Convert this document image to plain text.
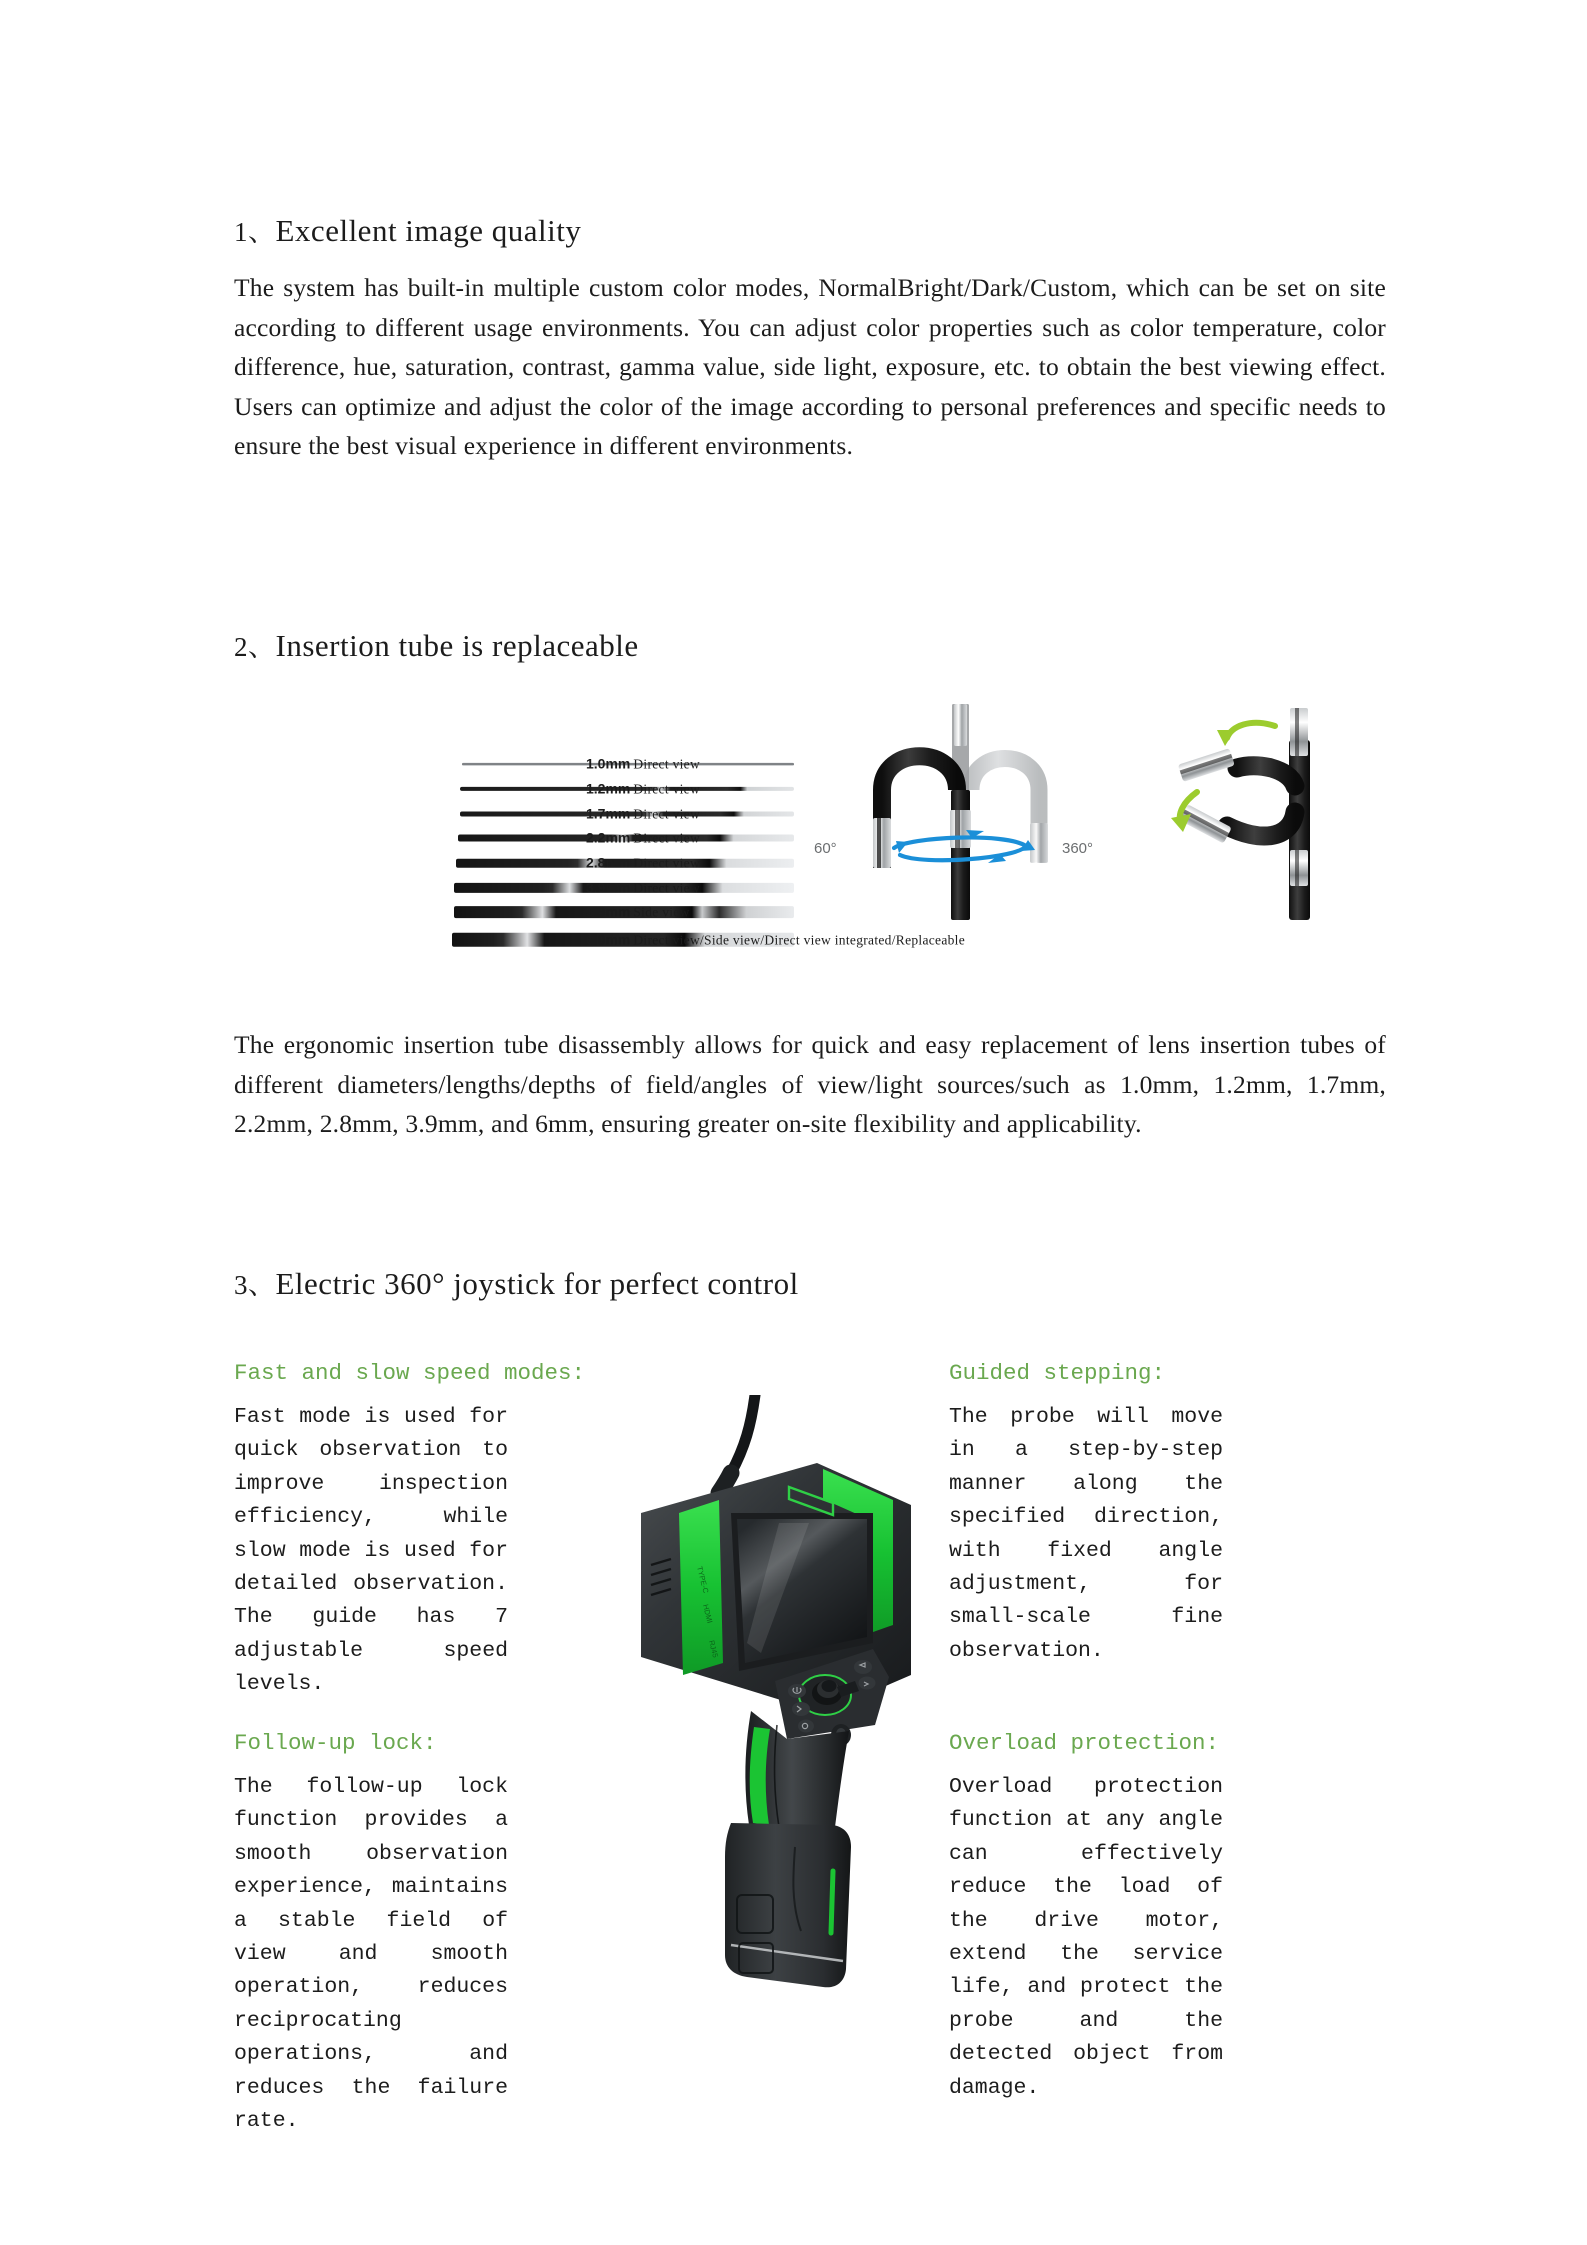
1、Excellent image quality

The system has built-in multiple custom color modes, NormalBright/Dark/Custom, which can be set on site according to different usage environments. You can adjust color properties such as color temperature, color difference, hue, saturation, contrast, gamma value, side light, exposure, etc. to obtain the best viewing effect. Users can optimize and adjust the color of the image according to personal preferences and specific needs to ensure the best visual experience in different environments.

2、Insertion tube is replaceable
1.0mm Direct view
1.2mm Direct view
1.7mm Direct view
2.2mm Direct view
2.8mm Direct view
3.9mm Direct view
3.9mm Side view
6.0mm Direct view/Side view/Direct view integrated/Replaceable
60°	360°

The ergonomic insertion tube disassembly allows for quick and easy replacement of lens insertion tubes of different diameters/lengths/depths of field/angles of view/light sources/such as 1.0mm, 1.2mm, 1.7mm, 2.2mm, 2.8mm, 3.9mm, and 6mm, ensuring greater on-site flexibility and applicability.

3、Electric 360° joystick for perfect control
TYPE-C
HDMI
RJ45
Fast and slow speed modes:

Fast mode is used for quick observation to improve inspection efficiency, while slow mode is used for detailed observation. The guide has 7 adjustable speed levels.

Guided stepping:

The probe will move in a step-by-step manner along the specified direction, with fixed angle adjustment, for small-scale fine observation.

Follow-up lock:

The follow-up lock function provides a smooth observation experience, maintains a stable field of view and smooth operation, reduces reciprocating operations, and reduces the failure rate.

Overload protection:

Overload protection function at any angle can effectively reduce the load of the drive motor, extend the service life, and protect the probe and the detected object from damage.
